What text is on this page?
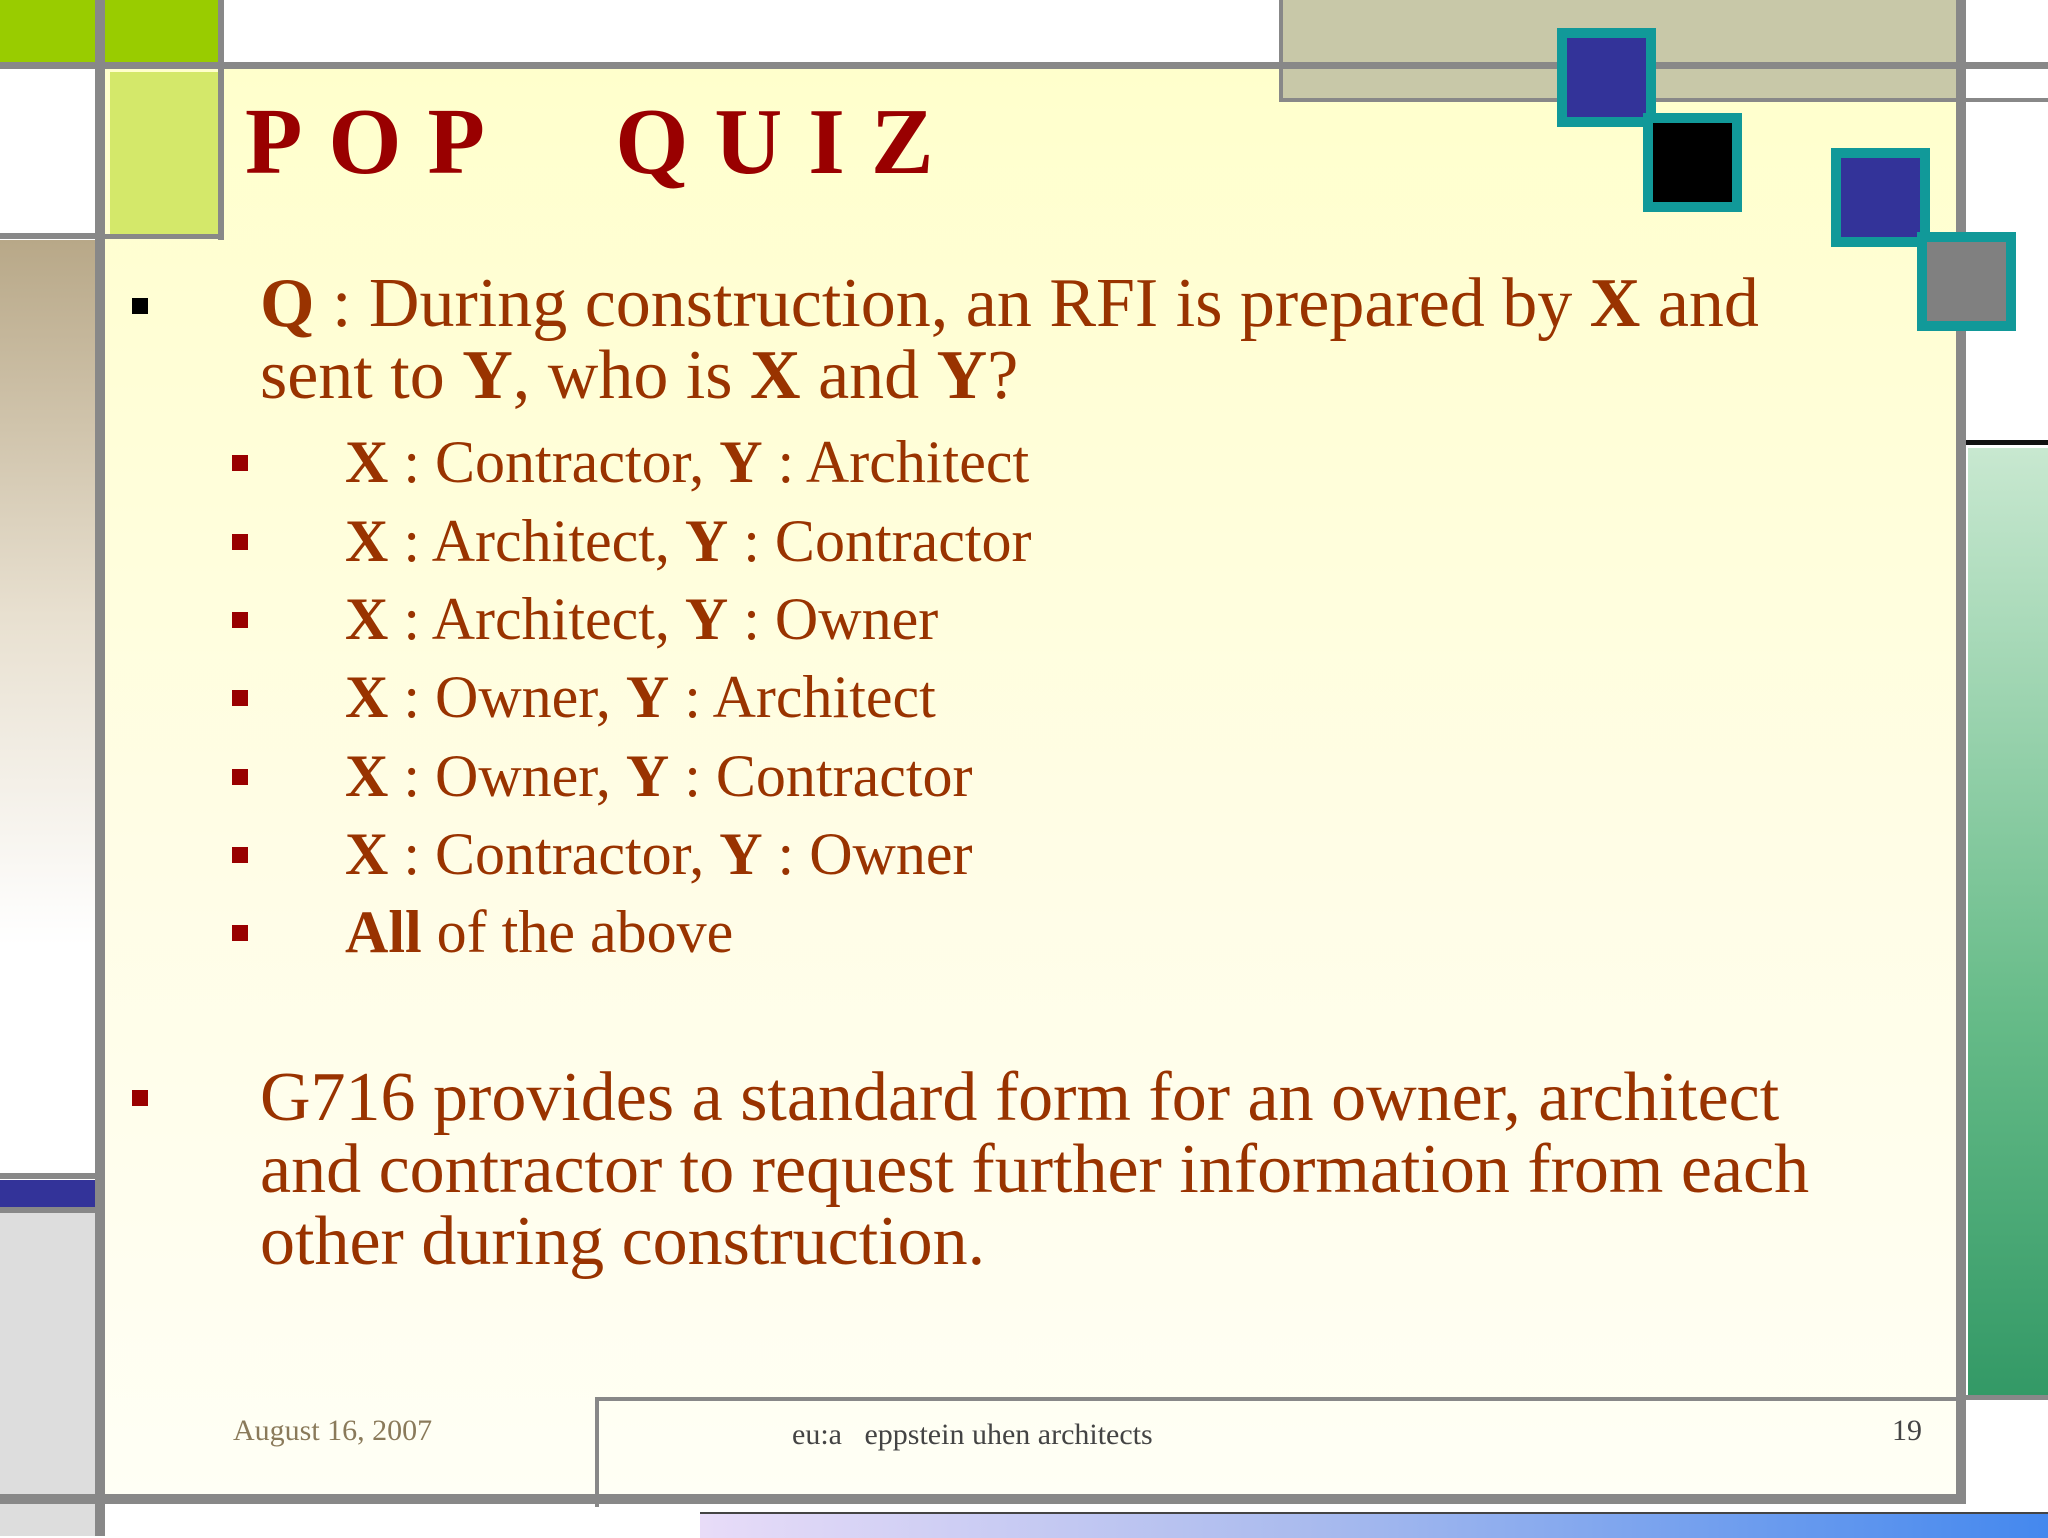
POP QUIZ
Q : During construction, an RFI is prepared by X and sent to Y, who is X and Y?
X : Contractor, Y : Architect
X : Architect, Y : Contractor
X : Architect, Y : Owner
X : Owner, Y : Architect
X : Owner, Y : Contractor
X : Contractor, Y : Owner
All of the above
G716 provides a standard form for an owner, architect and contractor to request further information from each other during construction.
August 16, 2007	eu:a   eppstein uhen architects	19
